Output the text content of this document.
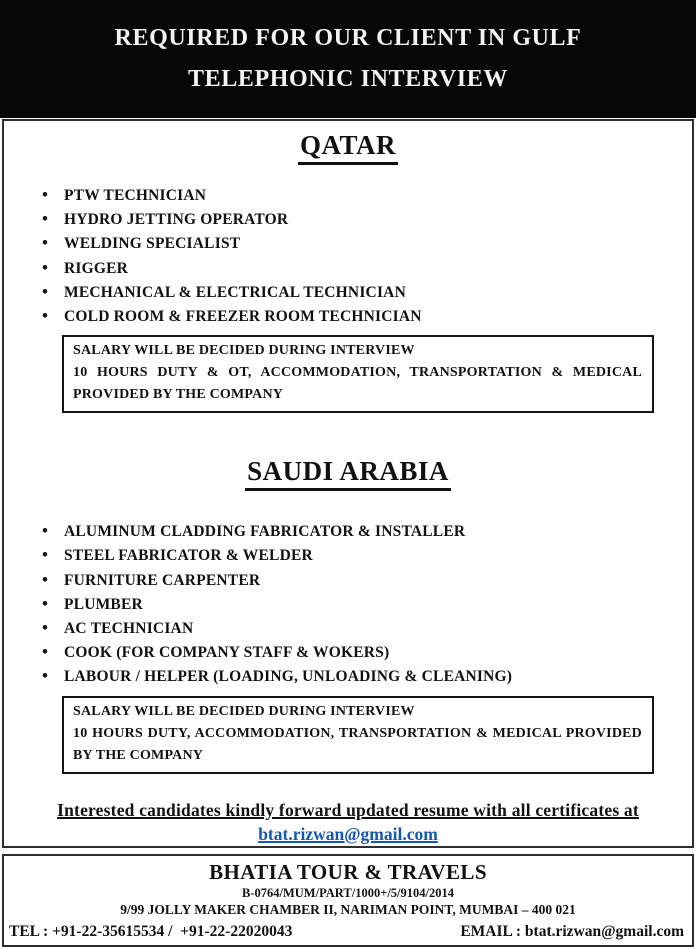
REQUIRED FOR OUR CLIENT IN GULF
TELEPHONIC INTERVIEW
QATAR
• PTW TECHNICIAN
• HYDRO JETTING OPERATOR
• WELDING SPECIALIST
• RIGGER
• MECHANICAL & ELECTRICAL TECHNICIAN
• COLD ROOM & FREEZER ROOM TECHNICIAN
SALARY WILL BE DECIDED DURING INTERVIEW
10 HOURS DUTY & OT, ACCOMMODATION, TRANSPORTATION & MEDICAL PROVIDED BY THE COMPANY
SAUDI ARABIA
• ALUMINUM CLADDING FABRICATOR & INSTALLER
• STEEL FABRICATOR & WELDER
• FURNITURE CARPENTER
• PLUMBER
• AC TECHNICIAN
• COOK (FOR COMPANY STAFF & WOKERS)
• LABOUR / HELPER (LOADING, UNLOADING & CLEANING)
SALARY WILL BE DECIDED DURING INTERVIEW
10 HOURS DUTY, ACCOMMODATION, TRANSPORTATION & MEDICAL PROVIDED BY THE COMPANY
Interested candidates kindly forward updated resume with all certificates at
btat.rizwan@gmail.com
BHATIA TOUR & TRAVELS
B-0764/MUM/PART/1000+/5/9104/2014
9/99 JOLLY MAKER CHAMBER II, NARIMAN POINT, MUMBAI – 400 021
TEL : +91-22-35615534 /  +91-22-22020043	EMAIL : btat.rizwan@gmail.com
